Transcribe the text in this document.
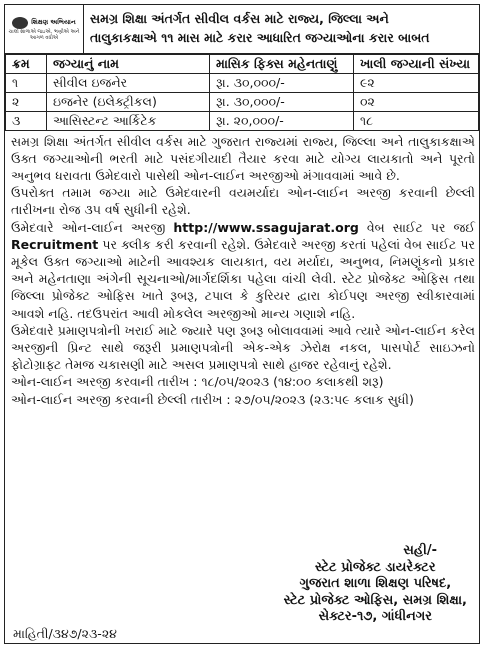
શિક્ષણ અભિયાન
ચાલો શાળાએ જઇએ, ભણીએ અને આગળ વધીએ
સમગ્ર શિક્ષા અંતર્ગત સીવીલ વર્કસ માટે રાજ્ય, જિલ્લા અને
તાલુકાકક્ષાએ ૧૧ માસ માટે કરાર આધારિત જગ્યાઓના કરાર બાબત
ક્રમ	જગ્યાનું નામ	માસિક ફિક્સ મહેનતાણું	ખાલી જગ્યાની સંખ્યા
૧	સીવીલ ઇજનેર	રૂા. ૩૦,૦૦૦/-	૯૨
૨	ઇજનેર (ઇલેક્ટ્રીકલ)	રૂા. ૩૦,૦૦૦/-	૦૨
૩	આસિસ્ટન્ટ આર્કિટેક	રૂા. ૨૦,૦૦૦/-	૧૮

સમગ્ર શિક્ષા અંતર્ગત સીવીલ વર્કસ માટે ગુજરાત રાજ્યમાં રાજ્ય, જિલ્લા અને તાલુકાકક્ષાએ ઉક્ત જગ્યાઓની ભરતી માટે પસંદગીયાદી તૈયાર કરવા માટે યોગ્ય લાયકાતો અને પૂરતો અનુભવ ધરાવતા ઉમેદવારો પાસેથી ઓન-લાઈન અરજીઓ મંગાવવામાં આવે છે.

ઉપરોક્ત તમામ જગ્યા માટે ઉમેદવારની વયમર્યાદા ઓન-લાઈન અરજી કરવાની છેલ્લી તારીખના રોજ ૩૫ વર્ષ સુધીની રહેશે.

ઉમેદવારે ઓન-લાઈન અરજી http://www.ssagujarat.org વેબ સાઈટ પર જઈ Recruitment પર ક્લીક કરી કરવાની રહેશે. ઉમેદવારે અરજી કરતાં પહેલાં વેબ સાઈટ પર મૂકેલ ઉક્ત જગ્યાઓ માટેની આવશ્યક લાયકાત, વય મર્યાદા, અનુભવ, નિમણૂંકનો પ્રકાર અને મહેનતાણા અંગેની સૂચનાઓ/માર્ગદર્શિકા પહેલા વાંચી લેવી. સ્ટેટ પ્રોજેક્ટ ઓફિસ તથા જિલ્લા પ્રોજેક્ટ ઓફિસ ખાતે રૂબરૂ, ટપાલ કે કુરિયર દ્વારા કોઈપણ અરજી સ્વીકારવામાં આવશે નહિ. તદઉપરાંત આવી મોકલેલ અરજીઓ માન્ય ગણાશે નહિ.

ઉમેદવારે પ્રમાણપત્રોની ખરાઈ માટે જ્યારે પણ રૂબરૂ બોલાવવામાં આવે ત્યારે ઓન-લાઈન કરેલ અરજીની પ્રિન્ટ સાથે જરૂરી પ્રમાણપત્રોની એક-એક ઝેરોક્ષ નકલ, પાસપોર્ટ સાઇઝનો ફોટોગ્રાફ્ટ તેમજ ચકાસણી માટે અસલ પ્રમાણપત્રો સાથે હાજર રહેવાનું રહેશે.

ઓન-લાઈન અરજી કરવાની તારીખ : ૧૮/૦૫/૨૦૨૩ (૧૪:૦૦ કલાકથી શરૂ)

ઓન-લાઈન અરજી કરવાની છેલ્લી તારીખ : ૨૭/૦૫/૨૦૨૩ (૨૩:૫૯ કલાક સુધી)

સહી/-
સ્ટેટ પ્રોજેક્ટ ડાયરેક્ટર
ગુજરાત શાળા શિક્ષણ પરિષદ,
સ્ટેટ પ્રોજેક્ટ ઓફિસ, સમગ્ર શિક્ષા,
સેક્ટર-૧૭, ગાંધીનગર
માહિતી/૩૪૭/૨૩-૨૪
